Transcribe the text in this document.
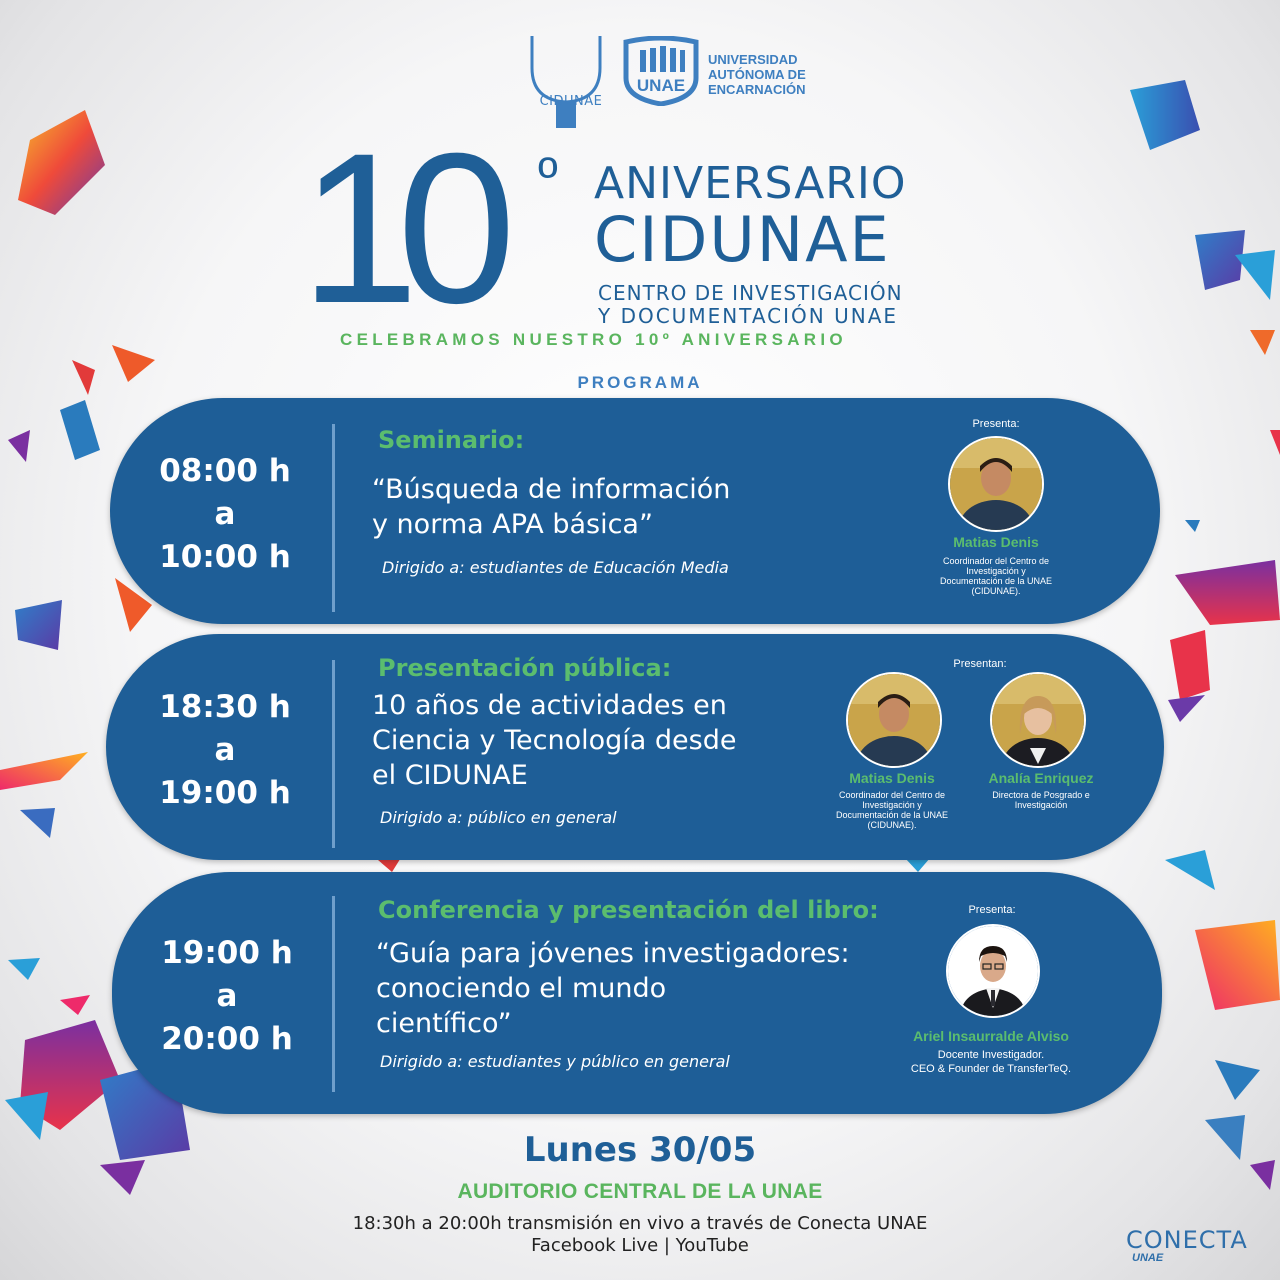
CIDUNAE
UNAE
UNIVERSIDAD
AUTÓNOMA DE
ENCARNACIÓN
10 º ANIVERSARIO
CIDUNAE
CENTRO DE INVESTIGACIÓN
Y DOCUMENTACIÓN UNAE
CELEBRAMOS NUESTRO 10º ANIVERSARIO
PROGRAMA
08:00 h
a
10:00 h
Seminario:
“Búsqueda de información
y norma APA básica”
Dirigido a: estudiantes de Educación Media
Presenta:
Matias Denis
Coordinador del Centro de
Investigación y
Documentación de la UNAE
(CIDUNAE).
18:30 h
a
19:00 h
Presentación pública:
10 años de actividades en
Ciencia y Tecnología desde
el CIDUNAE
Dirigido a: público en general
Presentan:
Matias Denis
Coordinador del Centro de
Investigación y
Documentación de la UNAE
(CIDUNAE).
Analía Enriquez
Directora de Posgrado e
Investigación
19:00 h
a
20:00 h
Conferencia y presentación del libro:
“Guía para jóvenes investigadores:
conociendo el mundo
científico”
Dirigido a: estudiantes y público en general
Presenta:
Ariel Insaurralde Alviso
Docente Investigador.
CEO & Founder de TransferTeQ.
Lunes 30/05
AUDITORIO CENTRAL DE LA UNAE
18:30h a 20:00h transmisión en vivo a través de Conecta UNAE
Facebook Live | YouTube	CONECTA
UNAE
